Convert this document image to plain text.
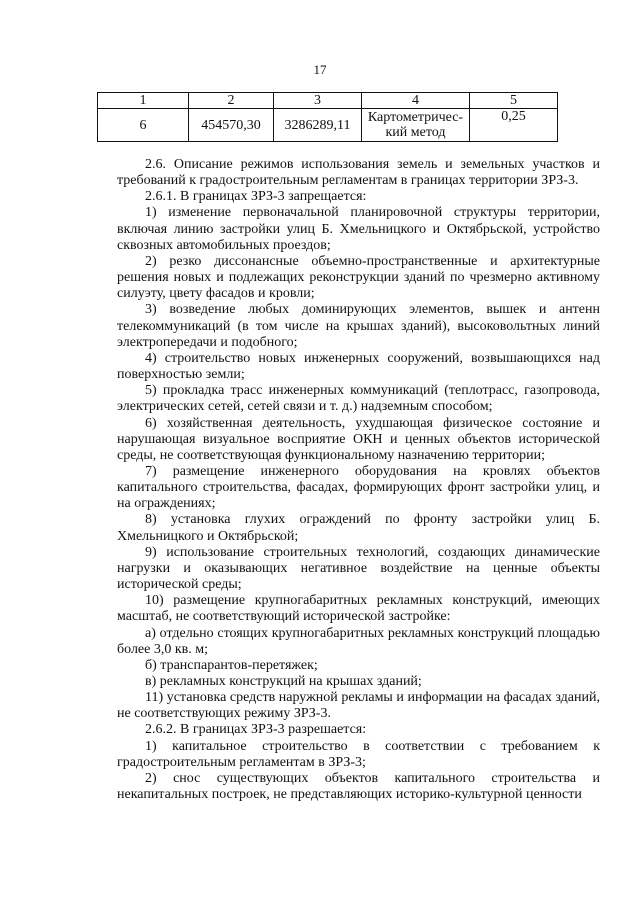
17
1	2	3	4	5
6	454570,30	3286289,11	Картометричес-кий метод	0,25

2.6. Описание режимов использования земель и земельных участков и требований к градостроительным регламентам в границах территории ЗРЗ-3.

2.6.1. В границах ЗРЗ-3 запрещается:

1) изменение первоначальной планировочной структуры территории, включая линию застройки улиц Б. Хмельницкого и Октябрьской, устройство сквозных автомобильных проездов;

2) резко диссонансные объемно-пространственные и архитектурные решения новых и подлежащих реконструкции зданий по чрезмерно активному силуэту, цвету фасадов и кровли;

3) возведение любых доминирующих элементов, вышек и антенн телекоммуникаций (в том числе на крышах зданий), высоковольтных линий электропередачи и подобного;

4) строительство новых инженерных сооружений, возвышающихся над поверхностью земли;

5) прокладка трасс инженерных коммуникаций (теплотрасс, газопровода, электрических сетей, сетей связи и т. д.) надземным способом;

6) хозяйственная деятельность, ухудшающая физическое состояние и нарушающая визуальное восприятие ОКН и ценных объектов исторической среды, не соответствующая функциональному назначению территории;

7) размещение инженерного оборудования на кровлях объектов капитального строительства, фасадах, формирующих фронт застройки улиц, и на ограждениях;

8) установка глухих ограждений по фронту застройки улиц Б. Хмельницкого и Октябрьской;

9) использование строительных технологий, создающих динамические нагрузки и оказывающих негативное воздействие на ценные объекты исторической среды;

10) размещение крупногабаритных рекламных конструкций, имеющих масштаб, не соответствующий исторической застройке:

а) отдельно стоящих крупногабаритных рекламных конструкций площадью более 3,0 кв. м;

б) транспарантов-перетяжек;

в) рекламных конструкций на крышах зданий;

11) установка средств наружной рекламы и информации на фасадах зданий, не соответствующих режиму ЗРЗ-3.

2.6.2. В границах ЗРЗ-3 разрешается:

1) капитальное строительство в соответствии с требованием к градостроительным регламентам в ЗРЗ-3;

2) снос существующих объектов капитального строительства и некапитальных построек, не представляющих историко-культурной ценности
